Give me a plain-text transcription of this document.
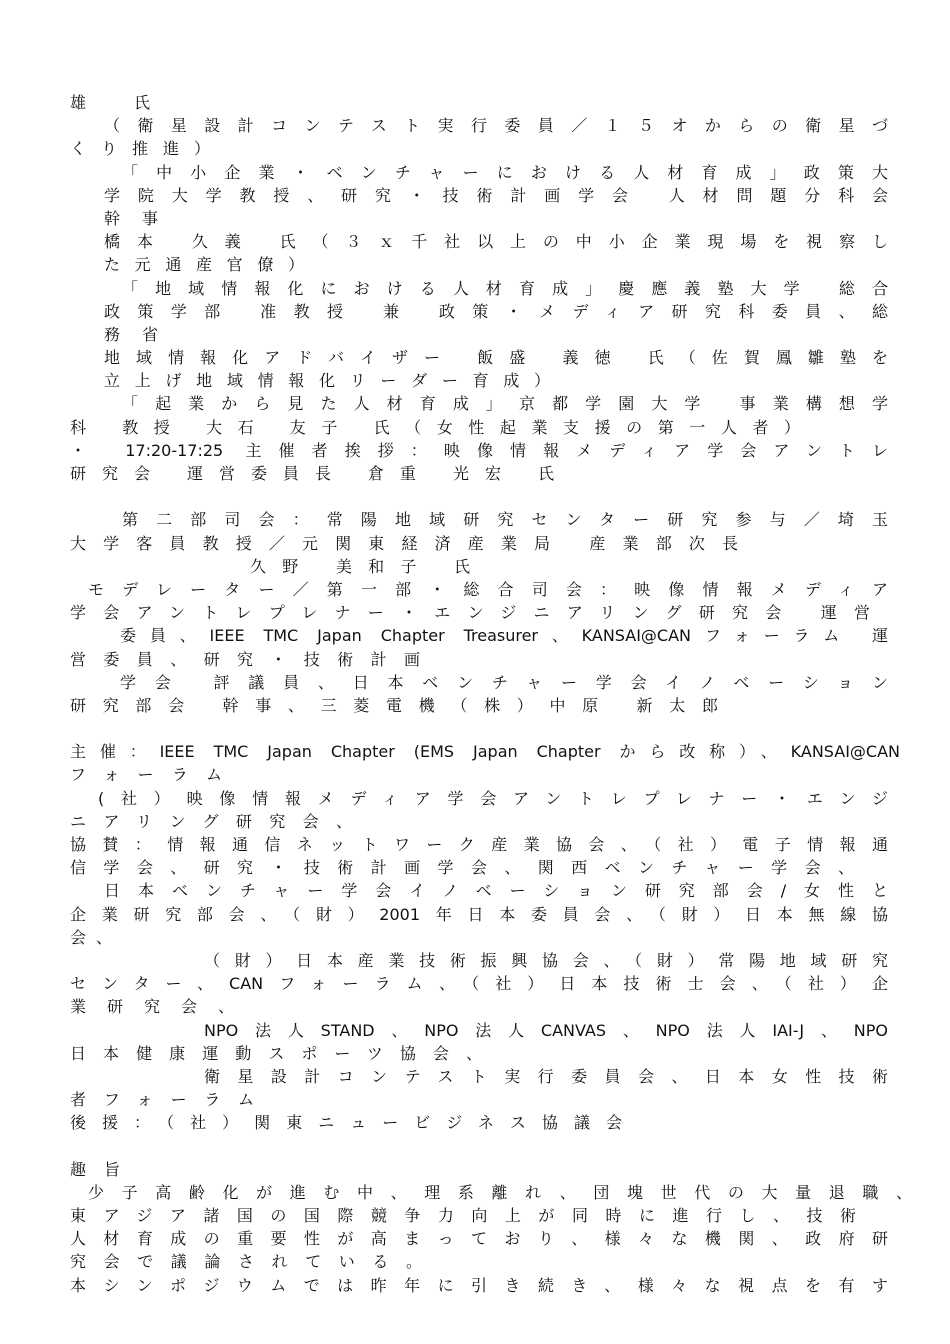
雄 氏
（衛星設計コンテスト実行委員／１５オからの衛星づ
くり推進）
「中小企業・ベンチャーにおける人材育成」政策大
学院大学教授、研究・技術計画学会 人材問題分科会
幹事
橋本 久義 氏（３ｘ千社以上の中小企業現場を視察し
た元通産官僚）
「地域情報化における人材育成」慶應義塾大学 総合
政策学部 准教授 兼 政策・メディア研究科委員、総
務省
地域情報化アドバイザー 飯盛 義徳 氏（佐賀鳳雛塾を
立上げ地域情報化リーダー育成）
「起業から見た人材育成」京都学園大学 事業構想学
科 教授 大石 友子 氏（女性起業支援の第一人者）
・ 17:20-17:25 主催者挨拶：映像情報メディア学会アントレ
研究会 運営委員長 倉重 光宏 氏
第二部司会：常陽地域研究センター研究参与／埼玉
大学客員教授／元関東経済産業局 産業部次長
久野 美和子 氏
モデレーター／第一部・総合司会：映像情報メディア
学会アントレプレナー・エンジニアリング研究会 運営
委員、IEEE TMC Japan Chapter Treasurer、KANSAI@CANフォーラム 運
営委員、研究・技術計画
学会 評議員、日本ベンチャー学会イノベーション
研究部会 幹事、三菱電機（株）中原 新太郎
主催：IEEE TMC Japan Chapter (EMS Japan Chapter から改称）、KANSAI@CAN
フォーラム
(社）映像情報メディア学会アントレプレナー・エンジ
ニアリング研究会、
協賛：情報通信ネットワーク産業協会、（社）電子情報通
信学会、研究・技術計画学会、関西ベンチャー学会、
日本ベンチャー学会イノベーション研究部会/女性と
企業研究部会、（財）2001年日本委員会、（財）日本無線協
会、
（財）日本産業技術振興協会、（財）常陽地域研究
センター、CANフォーラム、（社）日本技術士会、（社）企
業研究会、
NPO法人STAND、NPO法人CANVAS、NPO法人IAI-J、NPO
日本健康運動スポーツ協会、
衛星設計コンテスト実行委員会、日本女性技術
者フォーラム
後援：（社）関東ニュービジネス協議会
趣旨
少子高齢化が進む中、理系離れ、団塊世代の大量退職、
東アジア諸国の国際競争力向上が同時に進行し、技術
人材育成の重要性が高まっており、様々な機関、政府研
究会で議論されている。
本シンポジウムでは昨年に引き続き、様々な視点を有す
